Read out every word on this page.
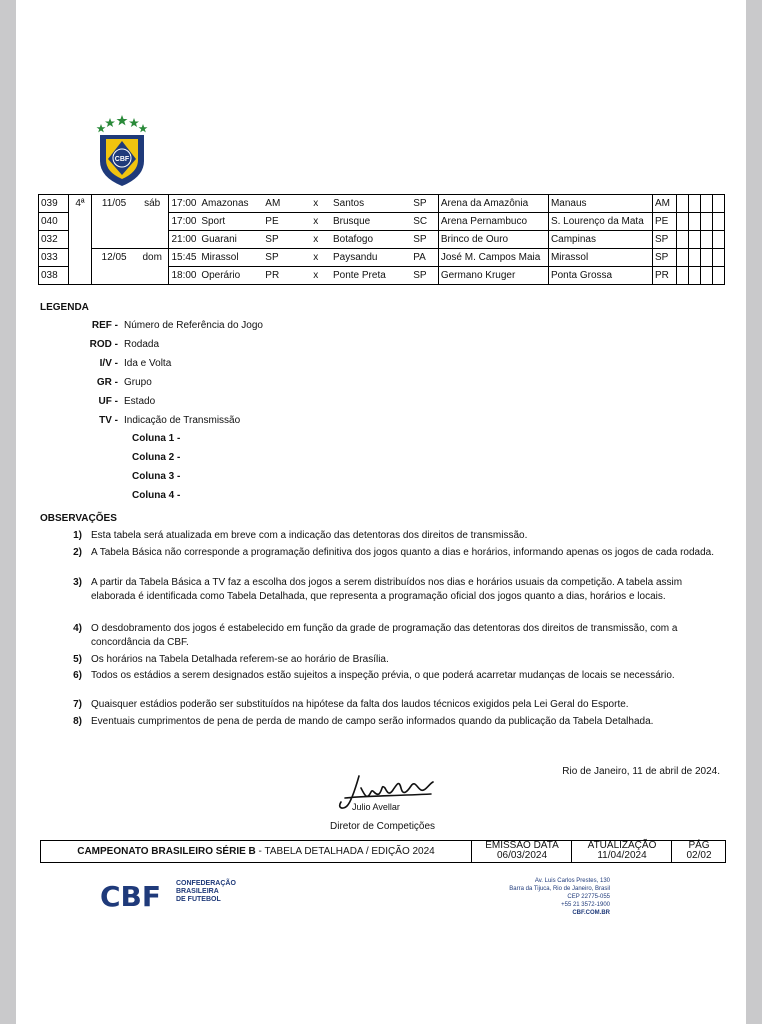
CBF
039	4ª	11/05	sáb	17:00	Amazonas	AM	x	Santos	SP	Arena da Amazônia	Manaus	AM				
040				17:00	Sport	PE	x	Brusque	SC	Arena Pernambuco	S. Lourenço da Mata	PE				
032				21:00	Guarani	SP	x	Botafogo	SP	Brinco de Ouro	Campinas	SP				
033		12/05	dom	15:45	Mirassol	SP	x	Paysandu	PA	José M. Campos Maia	Mirassol	SP				
038				18:00	Operário	PR	x	Ponte Preta	SP	Germano Kruger	Ponta Grossa	PR				
LEGENDA
REF - Número de Referência do Jogo
ROD - Rodada
I/V - Ida e Volta
GR - Grupo
UF - Estado
TV - Indicação de Transmissão
Coluna 1 -
Coluna 2 -
Coluna 3 -
Coluna 4 -
OBSERVAÇÕES
1) Esta tabela será atualizada em breve com a indicação das detentoras dos direitos de transmissão.
2) A Tabela Básica não corresponde a programação definitiva dos jogos quanto a dias e horários, informando apenas os jogos de cada rodada.
3) A partir da Tabela Básica a TV faz a escolha dos jogos a serem distribuídos nos dias e horários usuais da competição. A tabela assim elaborada é identificada como Tabela Detalhada, que representa a programação oficial dos jogos quanto a dias, horários e locais.
4) O desdobramento dos jogos é estabelecido em função da grade de programação das detentoras dos direitos de transmissão, com a concordância da CBF.
5) Os horários na Tabela Detalhada referem-se ao horário de Brasília.
6) Todos os estádios a serem designados estão sujeitos a inspeção prévia, o que poderá acarretar mudanças de locais se necessário.
7) Quaisquer estádios poderão ser substituídos na hipótese da falta dos laudos técnicos exigidos pela Lei Geral do Esporte.
8) Eventuais cumprimentos de pena de perda de mando de campo serão informados quando da publicação da Tabela Detalhada.
Rio de Janeiro, 11 de abril de 2024.
Julio Avellar
Diretor de Competições
CAMPEONATO BRASILEIRO SÉRIE B - TABELA DETALHADA / EDIÇÃO 2024
EMISSAO DATA
06/03/2024
ATUALIZAÇÃO
11/04/2024
PÁG
02/02
CBF CONFEDERAÇÃO
BRASILEIRA
DE FUTEBOL
Av. Luis Carlos Prestes, 130
Barra da Tijuca, Rio de Janeiro, Brasil
CEP 22775-055
+55 21 3572-1900
CBF.COM.BR
